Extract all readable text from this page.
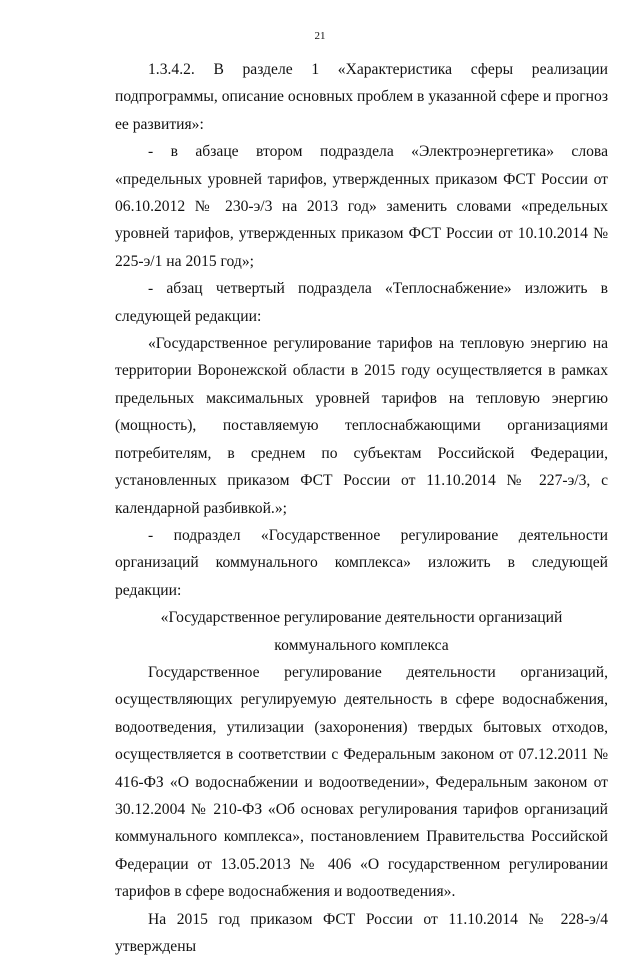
21

1.3.4.2. В разделе 1 «Характеристика сферы реализации подпрограммы, описание основных проблем в указанной сфере и прогноз ее развития»:

- в абзаце втором подраздела «Электроэнергетика» слова «предельных уровней тарифов, утвержденных приказом ФСТ России от 06.10.2012 № 230-э/3 на 2013 год» заменить словами «предельных уровней тарифов, утвержденных приказом ФСТ России от 10.10.2014 № 225-э/1 на 2015 год»;

- абзац четвертый подраздела «Теплоснабжение» изложить в следующей редакции:

«Государственное регулирование тарифов на тепловую энергию на территории Воронежской области в 2015 году осуществляется в рамках предельных максимальных уровней тарифов на тепловую энергию (мощность), поставляемую теплоснабжающими организациями потребителям, в среднем по субъектам Российской Федерации, установленных приказом ФСТ России от 11.10.2014 № 227-э/3, с календарной разбивкой.»;

- подраздел «Государственное регулирование деятельности организаций коммунального комплекса» изложить в следующей редакции:

«Государственное регулирование деятельности организаций коммунального комплекса

Государственное регулирование деятельности организаций, осуществляющих регулируемую деятельность в сфере водоснабжения, водоотведения, утилизации (захоронения) твердых бытовых отходов, осуществляется в соответствии с Федеральным законом от 07.12.2011 № 416-ФЗ «О водоснабжении и водоотведении», Федеральным законом от 30.12.2004 № 210-ФЗ «Об основах регулирования тарифов организаций коммунального комплекса», постановлением Правительства Российской Федерации от 13.05.2013 № 406 «О государственном регулировании тарифов в сфере водоснабжения и водоотведения».

На 2015 год приказом ФСТ России от 11.10.2014 № 228-э/4 утверждены
